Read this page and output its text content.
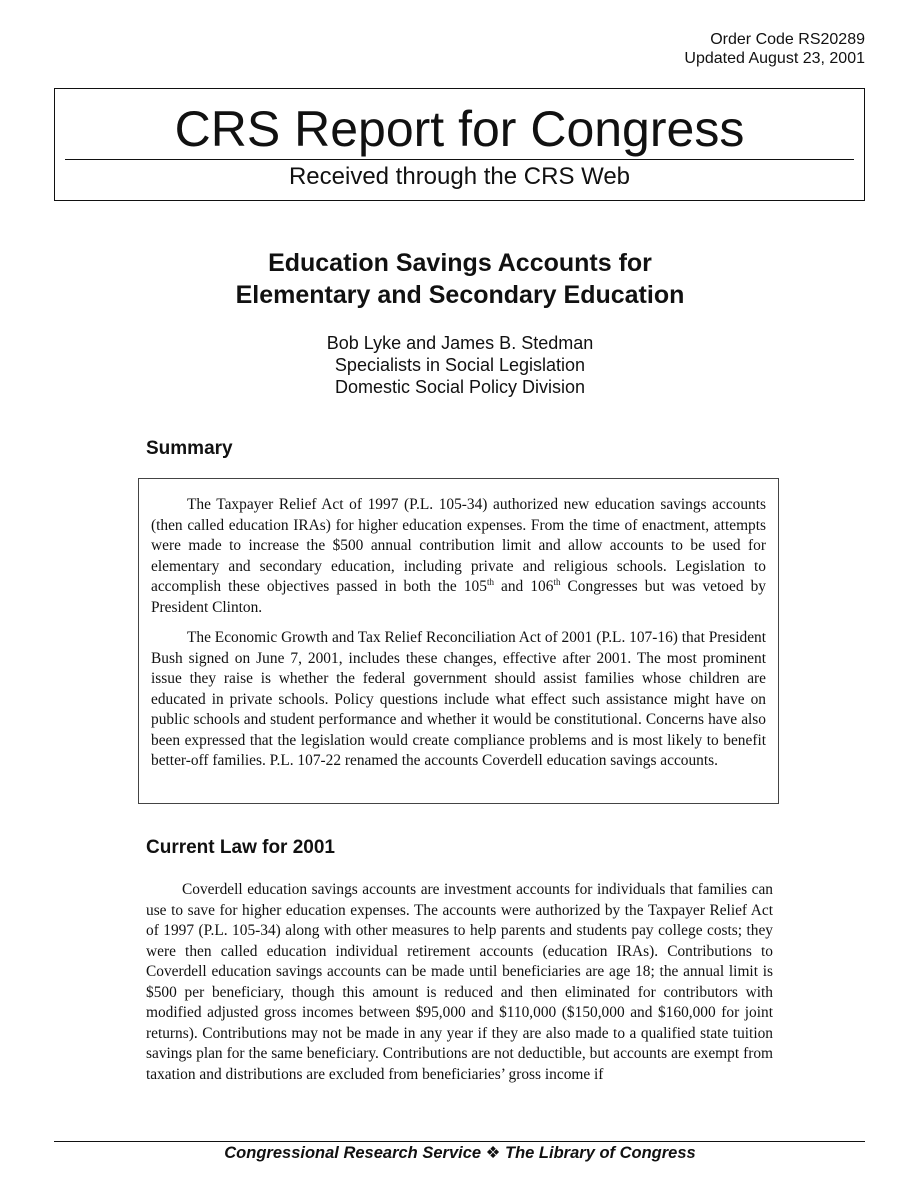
Order Code RS20289
Updated August 23, 2001
CRS Report for Congress
Received through the CRS Web
Education Savings Accounts for
Elementary and Secondary Education
Bob Lyke and James B. Stedman
Specialists in Social Legislation
Domestic Social Policy Division
Summary

The Taxpayer Relief Act of 1997 (P.L. 105-34) authorized new education savings accounts (then called education IRAs) for higher education expenses. From the time of enactment, attempts were made to increase the $500 annual contribution limit and allow accounts to be used for elementary and secondary education, including private and religious schools. Legislation to accomplish these objectives passed in both the 105th and 106th Congresses but was vetoed by President Clinton.

The Economic Growth and Tax Relief Reconciliation Act of 2001 (P.L. 107-16) that President Bush signed on June 7, 2001, includes these changes, effective after 2001. The most prominent issue they raise is whether the federal government should assist families whose children are educated in private schools. Policy questions include what effect such assistance might have on public schools and student performance and whether it would be constitutional. Concerns have also been expressed that the legislation would create compliance problems and is most likely to benefit better-off families. P.L. 107-22 renamed the accounts Coverdell education savings accounts.

Current Law for 2001

Coverdell education savings accounts are investment accounts for individuals that families can use to save for higher education expenses. The accounts were authorized by the Taxpayer Relief Act of 1997 (P.L. 105-34) along with other measures to help parents and students pay college costs; they were then called education individual retirement accounts (education IRAs). Contributions to Coverdell education savings accounts can be made until beneficiaries are age 18; the annual limit is $500 per beneficiary, though this amount is reduced and then eliminated for contributors with modified adjusted gross incomes between $95,000 and $110,000 ($150,000 and $160,000 for joint returns). Contributions may not be made in any year if they are also made to a qualified state tuition savings plan for the same beneficiary. Contributions are not deductible, but accounts are exempt from taxation and distributions are excluded from beneficiaries’ gross income if

Congressional Research Service ❖ The Library of Congress
